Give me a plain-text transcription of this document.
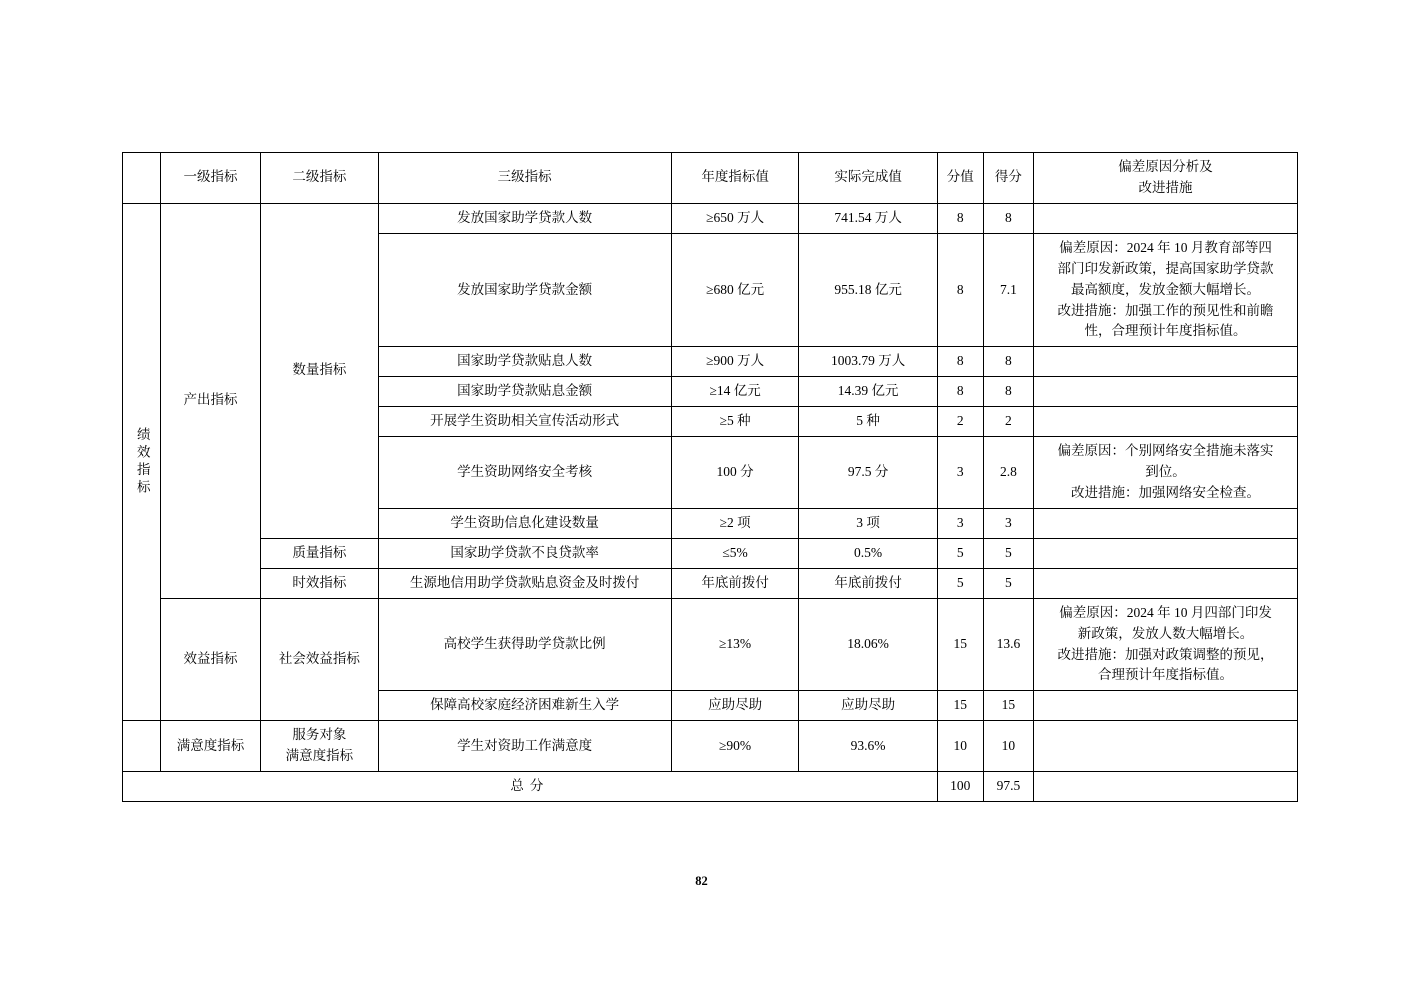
	一级指标	二级指标	三级指标	年度指标值	实际完成值	分值	得分	偏差原因分析及
改进措施

绩效指标	产出指标	数量指标	发放国家助学贷款人数	≥650 万人	741.54 万人	8	8	
			发放国家助学贷款金额	≥680 亿元	955.18 亿元	8	7.1	偏差原因：2024 年 10 月教育部等四
部门印发新政策，提高国家助学贷款
最高额度，发放金额大幅增长。
改进措施：加强工作的预见性和前瞻
性，合理预计年度指标值。

			国家助学贷款贴息人数	≥900 万人	1003.79 万人	8	8	
			国家助学贷款贴息金额	≥14 亿元	14.39 亿元	8	8	
			开展学生资助相关宣传活动形式	≥5 种	5 种	2	2	
			学生资助网络安全考核	100 分	97.5 分	3	2.8	偏差原因：个别网络安全措施未落实
到位。
改进措施：加强网络安全检查。

			学生资助信息化建设数量	≥2 项	3 项	3	3	
		质量指标	国家助学贷款不良贷款率	≤5%	0.5%	5	5	
		时效指标	生源地信用助学贷款贴息资金及时拨付	年底前拨付	年底前拨付	5	5	
	效益指标	社会效益指标	高校学生获得助学贷款比例	≥13%	18.06%	15	13.6	偏差原因：2024 年 10 月四部门印发
新政策，发放人数大幅增长。
改进措施：加强对政策调整的预见，
合理预计年度指标值。

			保障高校家庭经济困难新生入学	应助尽助	应助尽助	15	15	
	满意度指标	服务对象
满意度指标	学生对资助工作满意度	≥90%	93.6%	10	10	
总分						100	97.5	
82
